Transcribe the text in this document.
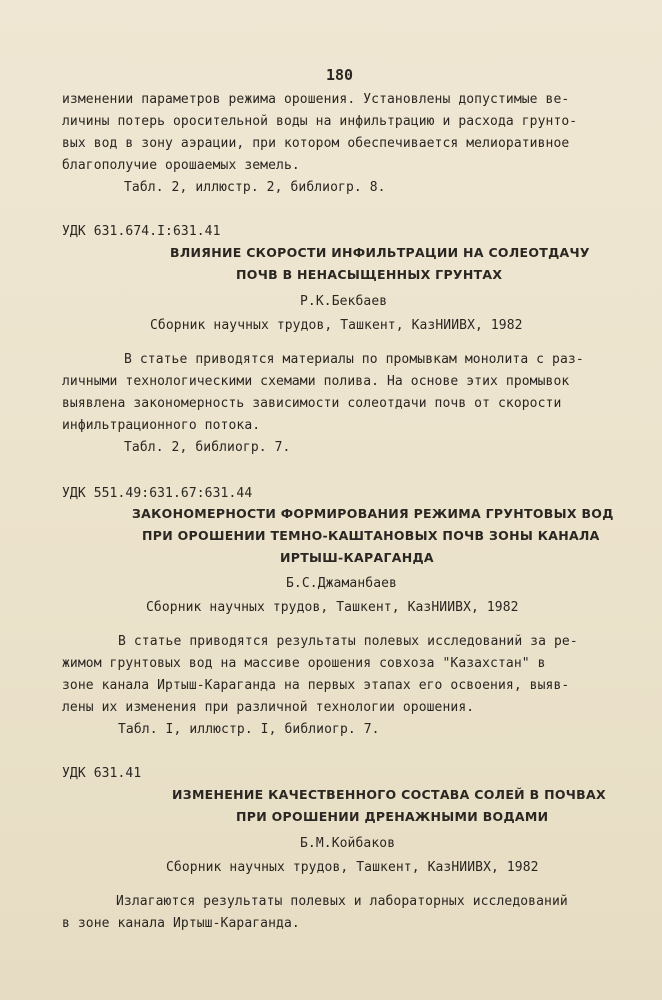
180
изменении параметров режима орошения. Установлены допустимые ве-
личины потерь оросительной воды на инфильтрацию и расхода грунто-
вых вод в зону аэрации, при котором обеспечивается мелиоративное
благополучие орошаемых земель.
Табл. 2, иллюстр. 2, библиогр. 8.
УДК 631.674.I:631.41
ВЛИЯНИЕ СКОРОСТИ ИНФИЛЬТРАЦИИ НА СОЛЕОТДАЧУ
ПОЧВ В НЕНАСЫЩЕННЫХ ГРУНТАХ
Р.К.Бекбаев
Сборник научных трудов, Ташкент, КазНИИВХ, 1982
В статье приводятся материалы по промывкам монолита с раз-
личными технологическими схемами полива. На основе этих промывок
выявлена закономерность зависимости солеотдачи почв от скорости
инфильтрационного потока.
Табл. 2, библиогр. 7.
УДК 551.49:631.67:631.44
ЗАКОНОМЕРНОСТИ ФОРМИРОВАНИЯ РЕЖИМА ГРУНТОВЫХ ВОД
ПРИ ОРОШЕНИИ ТЕМНО-КАШТАНОВЫХ ПОЧВ ЗОНЫ КАНАЛА
ИРТЫШ-КАРАГАНДА
Б.С.Джаманбаев
Сборник научных трудов, Ташкент, КазНИИВХ, 1982
В статье приводятся результаты полевых исследований за ре-
жимом грунтовых вод на массиве орошения совхоза "Казахстан" в
зоне канала Иртыш-Караганда на первых этапах его освоения, выяв-
лены их изменения при различной технологии орошения.
Табл. I, иллюстр. I, библиогр. 7.
УДК 631.41
ИЗМЕНЕНИЕ КАЧЕСТВЕННОГО СОСТАВА СОЛЕЙ В ПОЧВАХ
ПРИ ОРОШЕНИИ ДРЕНАЖНЫМИ ВОДАМИ
Б.М.Койбаков
Сборник научных трудов, Ташкент, КазНИИВХ, 1982
Излагаются результаты полевых и лабораторных исследований
в зоне канала Иртыш-Караганда.
